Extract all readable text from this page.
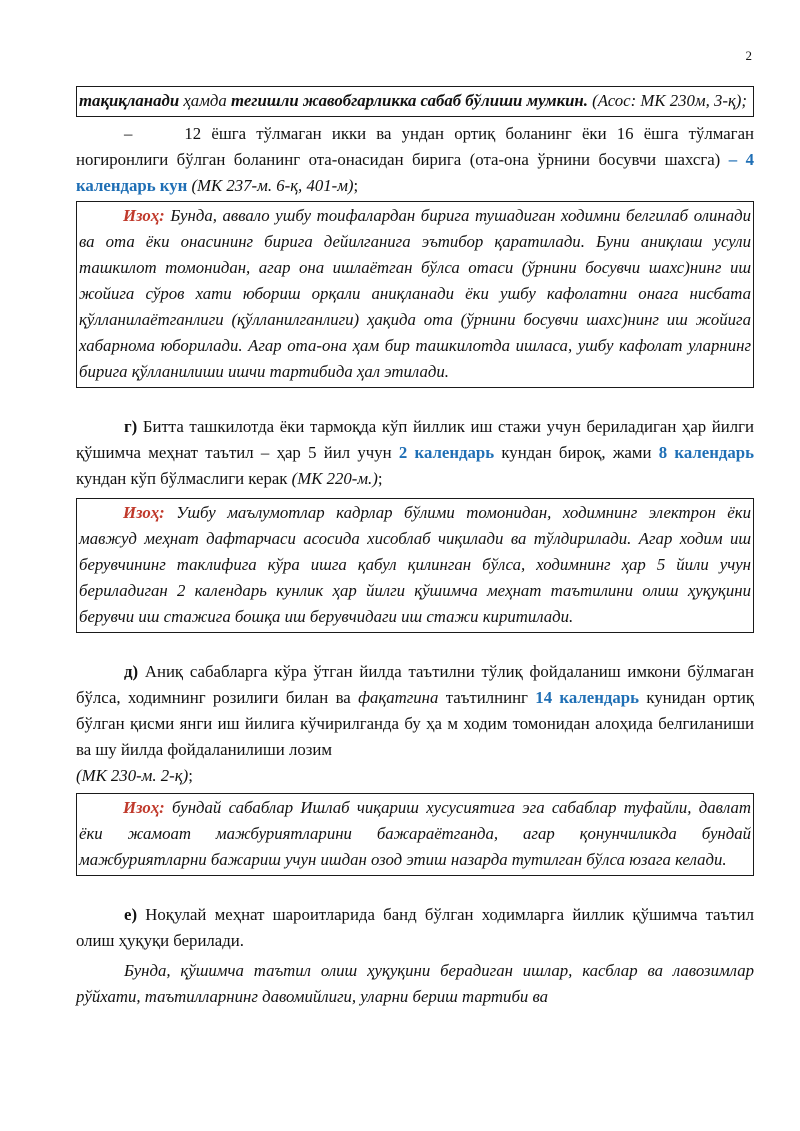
2
тақиқланади ҳамда тегишли жавобгарликка сабаб бўлиши мумкин. (Асос: МК 230м, 3-қ);

–	12 ёшга тўлмаган икки ва ундан ортиқ боланинг ёки 16 ёшга тўлмаган ногиронлиги бўлган боланинг ота-онасидан бирига (ота-она ўрнини босувчи шахсга) – 4 календарь кун (МК 237-м. 6-қ, 401-м);

Изоҳ: Бунда, аввало ушбу тоифалардан бирига тушадиган ходимни белгилаб олинади ва ота ёки онасининг бирига дейилганига эътибор қаратилади. Буни аниқлаш усули ташкилот томонидан, агар она ишлаётган бўлса отаси (ўрнини босувчи шахс)нинг иш жойига сўров хати юбориш орқали аниқланади ёки ушбу кафолатни онага нисбата қўлланилаётганлиги (қўлланилганлиги) ҳақида ота (ўрнини босувчи шахс)нинг иш жойига хабарнома юборилади. Агар ота-она ҳам бир ташкилотда ишласа, ушбу кафолат уларнинг бирига қўлланилиши ишчи тартибида ҳал этилади.

г) Битта ташкилотда ёки тармоқда кўп йиллик иш стажи учун бериладиган ҳар йилги қўшимча меҳнат таътил – ҳар 5 йил учун 2 календарь кундан бироқ, жами 8 календарь кундан кўп бўлмаслиги керак (МК 220-м.);

Изоҳ: Ушбу маълумотлар кадрлар бўлими томонидан, ходимнинг электрон ёки мавжуд меҳнат дафтарчаси асосида хисоблаб чиқилади ва тўлдирилади. Агар ходим иш берувчининг таклифига кўра ишга қабул қилинган бўлса, ходимнинг ҳар 5 йили учун бериладиган 2 календарь кунлик ҳар йилги қўшимча меҳнат таътилини олиш ҳуқуқини берувчи иш стажига бошқа иш берувчидаги иш стажи киритилади.

д) Аниқ сабабларга кўра ўтган йилда таътилни тўлиқ фойдаланиш имкони бўлмаган бўлса, ходимнинг розилиги билан ва фақатгина таътилнинг 14 календарь кунидан ортиқ бўлган қисми янги иш йилига кўчирилганда бу ҳа м ходим томонидан алоҳида белгиланиши ва шу йилда фойдаланилиши лозим
(МК 230-м. 2-қ);

Изоҳ: бундай сабаблар Ишлаб чиқариш хусусиятига эга сабаблар туфайли, давлат ёки жамоат мажбуриятларини бажараётганда, агар қонунчиликда бундай мажбуриятларни бажариш учун ишдан озод этиш назарда тутилган бўлса юзага келади.

е) Ноқулай меҳнат шароитларида банд бўлган ходимларга йиллик қўшимча таътил олиш ҳуқуқи берилади.

Бунда, қўшимча таътил олиш ҳуқуқини берадиган ишлар, касблар ва лавозимлар рўйхати, таътилларнинг давомийлиги, уларни бериш тартиби ва
